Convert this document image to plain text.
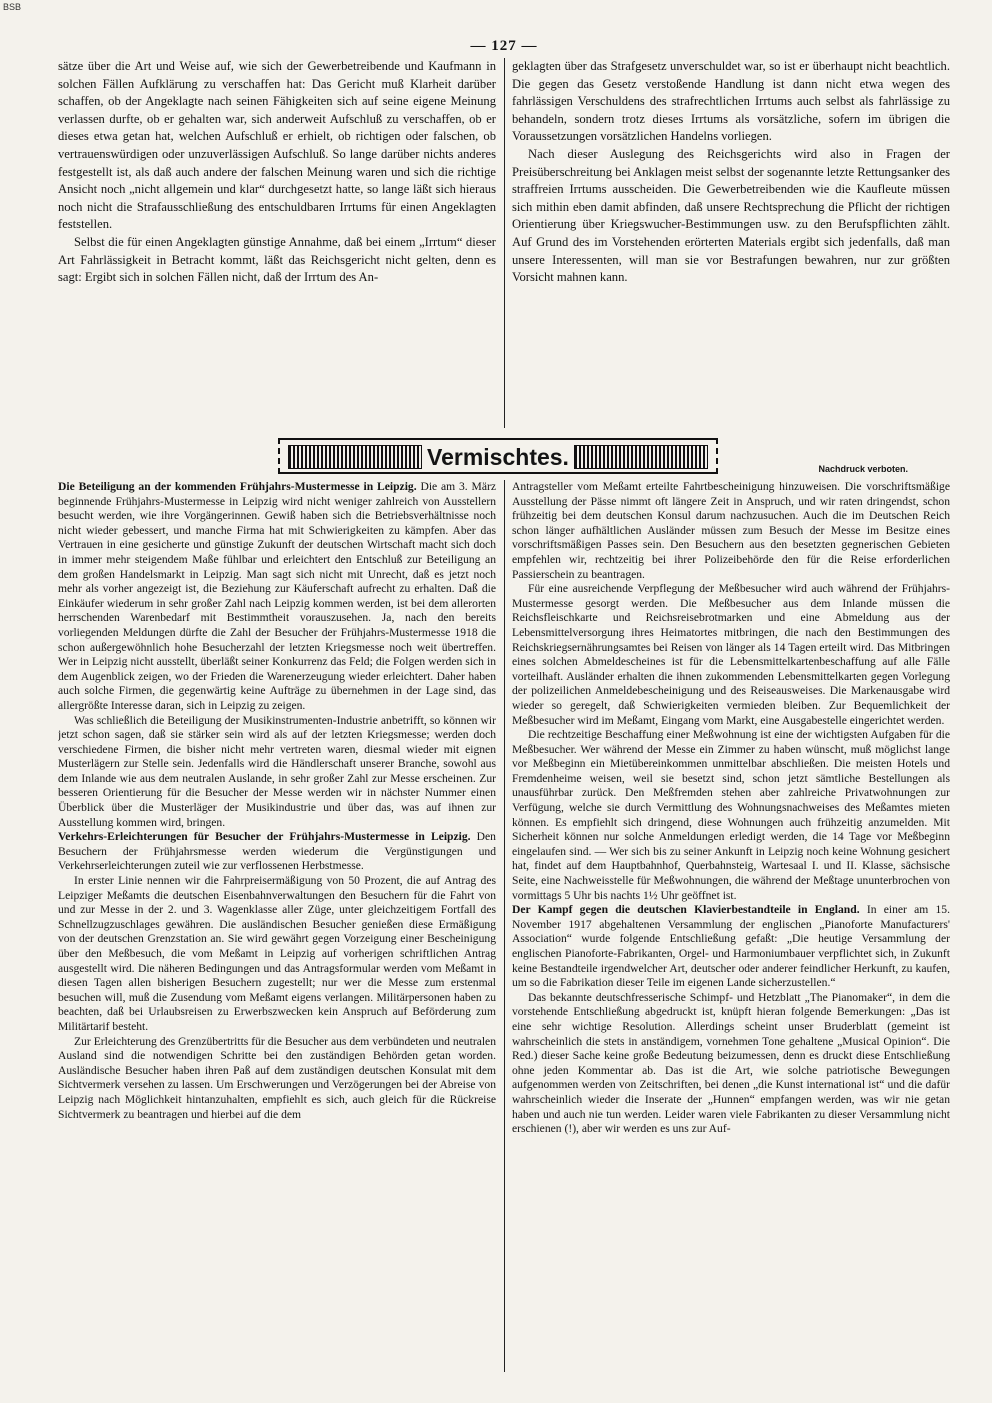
BSB
— 127 —

sätze über die Art und Weise auf, wie sich der Gewerbetreibende und Kaufmann in solchen Fällen Aufklärung zu verschaffen hat: Das Gericht muß Klarheit darüber schaffen, ob der Angeklagte nach seinen Fähigkeiten sich auf seine eigene Meinung verlassen durfte, ob er gehalten war, sich anderweit Aufschluß zu verschaffen, ob er dieses etwa getan hat, welchen Aufschluß er erhielt, ob richtigen oder falschen, ob vertrauenswürdigen oder unzuverlässigen Aufschluß. So lange darüber nichts anderes festgestellt ist, als daß auch andere der falschen Meinung waren und sich die richtige Ansicht noch „nicht allgemein und klar“ durchgesetzt hatte, so lange läßt sich hieraus noch nicht die Strafausschließung des entschuldbaren Irrtums für einen Angeklagten feststellen.

Selbst die für einen Angeklagten günstige Annahme, daß bei einem „Irrtum“ dieser Art Fahrlässigkeit in Betracht kommt, läßt das Reichsgericht nicht gelten, denn es sagt: Ergibt sich in solchen Fällen nicht, daß der Irrtum des An-

geklagten über das Strafgesetz unverschuldet war, so ist er überhaupt nicht beachtlich. Die gegen das Gesetz verstoßende Handlung ist dann nicht etwa wegen des fahrlässigen Verschuldens des strafrechtlichen Irrtums auch selbst als fahrlässige zu behandeln, sondern trotz dieses Irrtums als vorsätzliche, sofern im übrigen die Voraussetzungen vorsätzlichen Handelns vorliegen.

Nach dieser Auslegung des Reichsgerichts wird also in Fragen der Preisüberschreitung bei Anklagen meist selbst der sogenannte letzte Rettungsanker des straffreien Irrtums ausscheiden. Die Gewerbetreibenden wie die Kaufleute müssen sich mithin eben damit abfinden, daß unsere Rechtsprechung die Pflicht der richtigen Orientierung über Kriegswucher-Bestimmungen usw. zu den Berufspflichten zählt. Auf Grund des im Vorstehenden erörterten Materials ergibt sich jedenfalls, daß man unsere Interessenten, will man sie vor Bestrafungen bewahren, nur zur größten Vorsicht mahnen kann.

Vermischtes.	Nachdruck verboten.

Die Beteiligung an der kommenden Frühjahrs-Mustermesse in Leipzig. Die am 3. März beginnende Frühjahrs-Mustermesse in Leipzig wird nicht weniger zahlreich von Ausstellern besucht werden, wie ihre Vorgängerinnen. Gewiß haben sich die Betriebsverhältnisse noch nicht wieder gebessert, und manche Firma hat mit Schwierigkeiten zu kämpfen. Aber das Vertrauen in eine gesicherte und günstige Zukunft der deutschen Wirtschaft macht sich doch in immer mehr steigendem Maße fühlbar und erleichtert den Entschluß zur Beteiligung an dem großen Handelsmarkt in Leipzig. Man sagt sich nicht mit Unrecht, daß es jetzt noch mehr als vorher angezeigt ist, die Beziehung zur Käuferschaft aufrecht zu erhalten. Daß die Einkäufer wiederum in sehr großer Zahl nach Leipzig kommen werden, ist bei dem allerorten herrschenden Warenbedarf mit Bestimmtheit vorauszusehen. Ja, nach den bereits vorliegenden Meldungen dürfte die Zahl der Besucher der Frühjahrs-Mustermesse 1918 die schon außergewöhnlich hohe Besucherzahl der letzten Kriegsmesse noch weit übertreffen. Wer in Leipzig nicht ausstellt, überläßt seiner Konkurrenz das Feld; die Folgen werden sich in dem Augenblick zeigen, wo der Frieden die Warenerzeugung wieder erleichtert. Daher haben auch solche Firmen, die gegenwärtig keine Aufträge zu übernehmen in der Lage sind, das allergrößte Interesse daran, sich in Leipzig zu zeigen.

Was schließlich die Beteiligung der Musikinstrumenten-Industrie anbetrifft, so können wir jetzt schon sagen, daß sie stärker sein wird als auf der letzten Kriegsmesse; werden doch verschiedene Firmen, die bisher nicht mehr vertreten waren, diesmal wieder mit eignen Musterlägern zur Stelle sein. Jedenfalls wird die Händlerschaft unserer Branche, sowohl aus dem Inlande wie aus dem neutralen Auslande, in sehr großer Zahl zur Messe erscheinen. Zur besseren Orientierung für die Besucher der Messe werden wir in nächster Nummer einen Überblick über die Musterläger der Musikindustrie und über das, was auf ihnen zur Ausstellung kommen wird, bringen.

Verkehrs-Erleichterungen für Besucher der Frühjahrs-Mustermesse in Leipzig. Den Besuchern der Frühjahrsmesse werden wiederum die Vergünstigungen und Verkehrserleichterungen zuteil wie zur verflossenen Herbstmesse.

In erster Linie nennen wir die Fahrpreisermäßigung von 50 Prozent, die auf Antrag des Leipziger Meßamts die deutschen Eisenbahnverwaltungen den Besuchern für die Fahrt von und zur Messe in der 2. und 3. Wagenklasse aller Züge, unter gleichzeitigem Fortfall des Schnellzugzuschlages gewähren. Die ausländischen Besucher genießen diese Ermäßigung von der deutschen Grenzstation an. Sie wird gewährt gegen Vorzeigung einer Bescheinigung über den Meßbesuch, die vom Meßamt in Leipzig auf vorherigen schriftlichen Antrag ausgestellt wird. Die näheren Bedingungen und das Antragsformular werden vom Meßamt in diesen Tagen allen bisherigen Besuchern zugestellt; nur wer die Messe zum erstenmal besuchen will, muß die Zusendung vom Meßamt eigens verlangen. Militärpersonen haben zu beachten, daß bei Urlaubsreisen zu Erwerbszwecken kein Anspruch auf Beförderung zum Militärtarif besteht.

Zur Erleichterung des Grenzübertritts für die Besucher aus dem verbündeten und neutralen Ausland sind die notwendigen Schritte bei den zuständigen Behörden getan worden. Ausländische Besucher haben ihren Paß auf dem zuständigen deutschen Konsulat mit dem Sichtvermerk versehen zu lassen. Um Erschwerungen und Verzögerungen bei der Abreise von Leipzig nach Möglichkeit hintanzuhalten, empfiehlt es sich, auch gleich für die Rückreise Sichtvermerk zu beantragen und hierbei auf die dem

Antragsteller vom Meßamt erteilte Fahrtbescheinigung hinzuweisen. Die vorschriftsmäßige Ausstellung der Pässe nimmt oft längere Zeit in Anspruch, und wir raten dringendst, schon frühzeitig bei dem deutschen Konsul darum nachzusuchen. Auch die im Deutschen Reich schon länger aufhältlichen Ausländer müssen zum Besuch der Messe im Besitze eines vorschriftsmäßigen Passes sein. Den Besuchern aus den besetzten gegnerischen Gebieten empfehlen wir, rechtzeitig bei ihrer Polizeibehörde den für die Reise erforderlichen Passierschein zu beantragen.

Für eine ausreichende Verpflegung der Meßbesucher wird auch während der Frühjahrs-Mustermesse gesorgt werden. Die Meßbesucher aus dem Inlande müssen die Reichsfleischkarte und Reichsreisebrotmarken und eine Abmeldung aus der Lebensmittelversorgung ihres Heimatortes mitbringen, die nach den Bestimmungen des Reichskriegsernährungsamtes bei Reisen von länger als 14 Tagen erteilt wird. Das Mitbringen eines solchen Abmeldescheines ist für die Lebensmittelkartenbeschaffung auf alle Fälle vorteilhaft. Ausländer erhalten die ihnen zukommenden Lebensmittelkarten gegen Vorlegung der polizeilichen Anmeldebescheinigung und des Reiseausweises. Die Markenausgabe wird wieder so geregelt, daß Schwierigkeiten vermieden bleiben. Zur Bequemlichkeit der Meßbesucher wird im Meßamt, Eingang vom Markt, eine Ausgabestelle eingerichtet werden.

Die rechtzeitige Beschaffung einer Meßwohnung ist eine der wichtigsten Aufgaben für die Meßbesucher. Wer während der Messe ein Zimmer zu haben wünscht, muß möglichst lange vor Meßbeginn ein Mietübereinkommen unmittelbar abschließen. Die meisten Hotels und Fremdenheime weisen, weil sie besetzt sind, schon jetzt sämtliche Bestellungen als unausführbar zurück. Den Meßfremden stehen aber zahlreiche Privatwohnungen zur Verfügung, welche sie durch Vermittlung des Wohnungsnachweises des Meßamtes mieten können. Es empfiehlt sich dringend, diese Wohnungen auch frühzeitig anzumelden. Mit Sicherheit können nur solche Anmeldungen erledigt werden, die 14 Tage vor Meßbeginn eingelaufen sind. — Wer sich bis zu seiner Ankunft in Leipzig noch keine Wohnung gesichert hat, findet auf dem Hauptbahnhof, Querbahnsteig, Wartesaal I. und II. Klasse, sächsische Seite, eine Nachweisstelle für Meßwohnungen, die während der Meßtage ununterbrochen von vormittags 5 Uhr bis nachts 1½ Uhr geöffnet ist.

Der Kampf gegen die deutschen Klavierbestandteile in England. In einer am 15. November 1917 abgehaltenen Versammlung der englischen „Pianoforte Manufacturers' Association“ wurde folgende Entschließung gefaßt: „Die heutige Versammlung der englischen Pianoforte-Fabrikanten, Orgel- und Harmoniumbauer verpflichtet sich, in Zukunft keine Bestandteile irgendwelcher Art, deutscher oder anderer feindlicher Herkunft, zu kaufen, um so die Fabrikation dieser Teile im eigenen Lande sicherzustellen.“

Das bekannte deutschfresserische Schimpf- und Hetzblatt „The Pianomaker“, in dem die vorstehende Entschließung abgedruckt ist, knüpft hieran folgende Bemerkungen: „Das ist eine sehr wichtige Resolution. Allerdings scheint unser Bruderblatt (gemeint ist wahrscheinlich die stets in anständigem, vornehmen Tone gehaltene „Musical Opinion“. Die Red.) dieser Sache keine große Bedeutung beizumessen, denn es druckt diese Entschließung ohne jeden Kommentar ab. Das ist die Art, wie solche patriotische Bewegungen aufgenommen werden von Zeitschriften, bei denen „die Kunst international ist“ und die dafür wahrscheinlich wieder die Inserate der „Hunnen“ empfangen werden, was wir nie getan haben und auch nie tun werden. Leider waren viele Fabrikanten zu dieser Versammlung nicht erschienen (!), aber wir werden es uns zur Auf-
